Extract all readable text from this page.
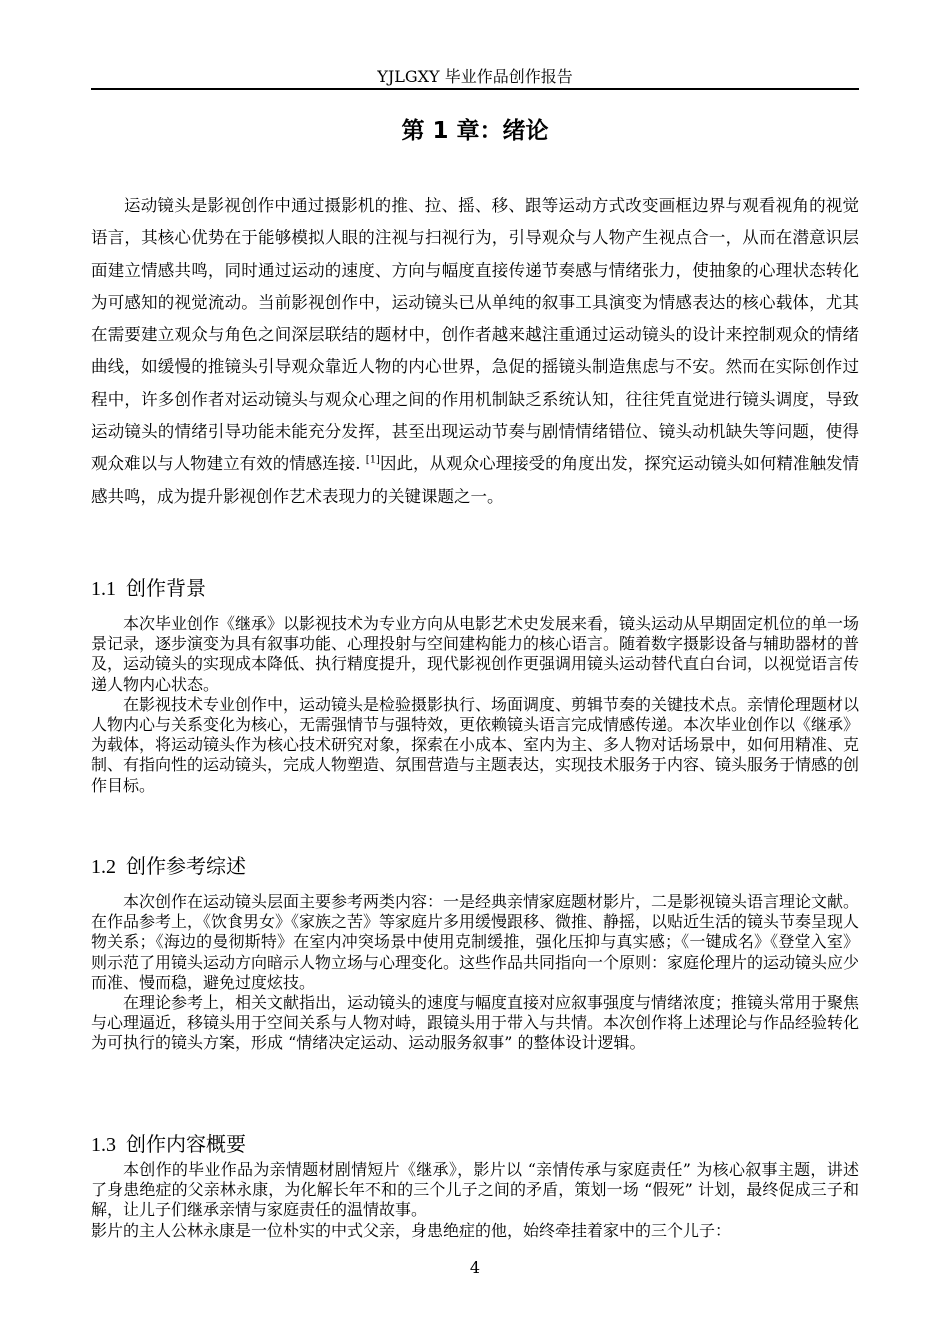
YJLGXY 毕业作品创作报告
第 1 章：绪论

运动镜头是影视创作中通过摄影机的推、拉、摇、移、跟等运动方式改变画框边界与观看视角的视觉语言，其核心优势在于能够模拟人眼的注视与扫视行为，引导观众与人物产生视点合一，从而在潜意识层面建立情感共鸣，同时通过运动的速度、方向与幅度直接传递节奏感与情绪张力，使抽象的心理状态转化为可感知的视觉流动。当前影视创作中，运动镜头已从单纯的叙事工具演变为情感表达的核心载体，尤其在需要建立观众与角色之间深层联结的题材中，创作者越来越注重通过运动镜头的设计来控制观众的情绪曲线，如缓慢的推镜头引导观众靠近人物的内心世界，急促的摇镜头制造焦虑与不安。然而在实际创作过程中，许多创作者对运动镜头与观众心理之间的作用机制缺乏系统认知，往往凭直觉进行镜头调度，导致运动镜头的情绪引导功能未能充分发挥，甚至出现运动节奏与剧情情绪错位、镜头动机缺失等问题，使得观众难以与人物建立有效的情感连接. [1]因此，从观众心理接受的角度出发，探究运动镜头如何精准触发情感共鸣，成为提升影视创作艺术表现力的关键课题之一。

1.1 创作背景

本次毕业创作《继承》以影视技术为专业方向从电影艺术史发展来看，镜头运动从早期固定机位的单一场景记录，逐步演变为具有叙事功能、心理投射与空间建构能力的核心语言。随着数字摄影设备与辅助器材的普及，运动镜头的实现成本降低、执行精度提升，现代影视创作更强调用镜头运动替代直白台词，以视觉语言传递人物内心状态。

在影视技术专业创作中，运动镜头是检验摄影执行、场面调度、剪辑节奏的关键技术点。亲情伦理题材以人物内心与关系变化为核心，无需强情节与强特效，更依赖镜头语言完成情感传递。本次毕业创作以《继承》为载体，将运动镜头作为核心技术研究对象，探索在小成本、室内为主、多人物对话场景中，如何用精准、克制、有指向性的运动镜头，完成人物塑造、氛围营造与主题表达，实现技术服务于内容、镜头服务于情感的创作目标。

1.2 创作参考综述

本次创作在运动镜头层面主要参考两类内容：一是经典亲情家庭题材影片，二是影视镜头语言理论文献。

在作品参考上，《饮食男女》《家族之苦》等家庭片多用缓慢跟移、微推、静摇，以贴近生活的镜头节奏呈现人物关系；《海边的曼彻斯特》在室内冲突场景中使用克制缓推，强化压抑与真实感；《一键成名》《登堂入室》则示范了用镜头运动方向暗示人物立场与心理变化。这些作品共同指向一个原则：家庭伦理片的运动镜头应少而准、慢而稳，避免过度炫技。

在理论参考上，相关文献指出，运动镜头的速度与幅度直接对应叙事强度与情绪浓度；推镜头常用于聚焦与心理逼近，移镜头用于空间关系与人物对峙，跟镜头用于带入与共情。本次创作将上述理论与作品经验转化为可执行的镜头方案，形成 “情绪决定运动、运动服务叙事” 的整体设计逻辑。

1.3 创作内容概要

本创作的毕业作品为亲情题材剧情短片《继承》，影片以 “亲情传承与家庭责任” 为核心叙事主题，讲述了身患绝症的父亲林永康，为化解长年不和的三个儿子之间的矛盾，策划一场 “假死” 计划，最终促成三子和解，让儿子们继承亲情与家庭责任的温情故事。

影片的主人公林永康是一位朴实的中式父亲，身患绝症的他，始终牵挂着家中的三个儿子：

4
